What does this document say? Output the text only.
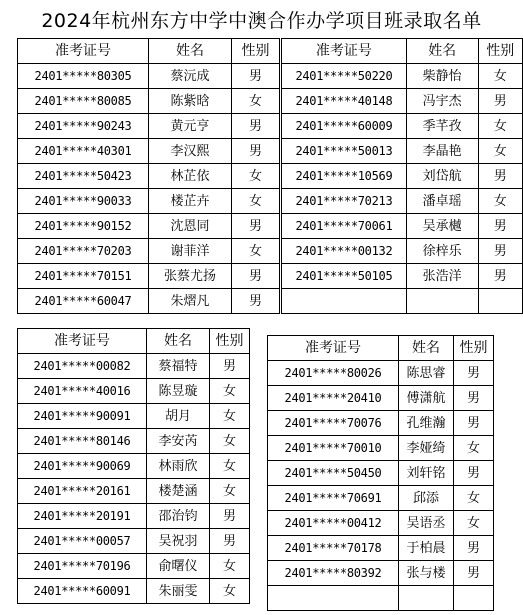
2024年杭州东方中学中澳合作办学项目班录取名单
准考证号	姓名	性别
2401*****80305	蔡沅成	男
2401*****80085	陈紫晗	女
2401*****90243	黄元亨	男
2401*****40301	李汉熙	男
2401*****50423	林芷依	女
2401*****90033	楼芷卉	女
2401*****90152	沈恩同	男
2401*****70203	谢菲洋	女
2401*****70151	张蔡尤扬	男
2401*****60047	朱熠凡	男
准考证号	姓名	性别
2401*****50220	柴静怡	女
2401*****40148	冯宇杰	男
2401*****60009	季芊孜	女
2401*****50013	李晶艳	女
2401*****10569	刘岱航	男
2401*****70213	潘卓瑶	女
2401*****70061	吴承樾	男
2401*****00132	徐梓乐	男
2401*****50105	张浩洋	男

准考证号	姓名	性别
2401*****00082	蔡福特	男
2401*****40016	陈昱璇	女
2401*****90091	胡月	女
2401*****80146	李安芮	女
2401*****90069	林雨欣	女
2401*****20161	楼楚涵	女
2401*****20191	邵治钧	男
2401*****00057	吴祝羽	男
2401*****70196	俞曙仪	女
2401*****60091	朱丽雯	女
准考证号	姓名	性别
2401*****80026	陈思睿	男
2401*****20410	傅潇航	男
2401*****70076	孔维瀚	男
2401*****70010	李娅绮	女
2401*****50450	刘轩铭	男
2401*****70691	邱添	女
2401*****00412	吴语丞	女
2401*****70178	于柏晨	男
2401*****80392	张与楼	男
